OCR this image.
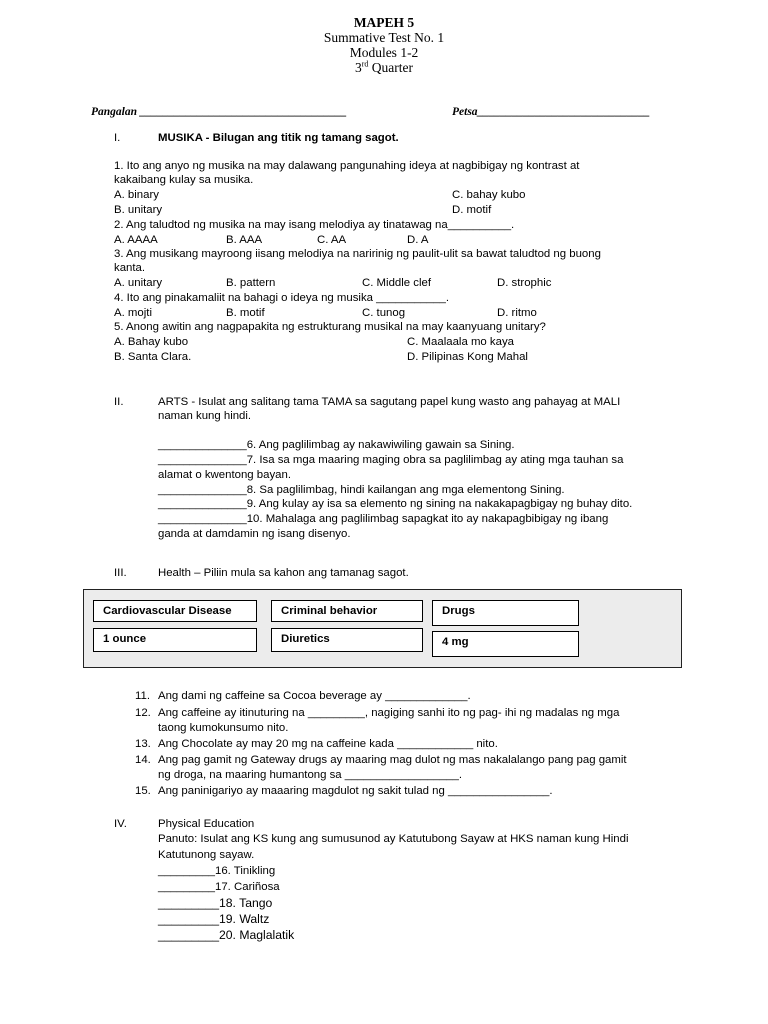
MAPEH 5
Summative Test No. 1
Modules 1-2
3rd Quarter
Pangalan ____________________________________	Petsa______________________________
I.	MUSIKA - Bilugan ang titik ng tamang sagot.
1. Ito ang anyo ng musika na may dalawang pangunahing ideya at nagbibigay ng kontrast at
kakaibang kulay sa musika.
A. binary	C. bahay kubo
B. unitary	D. motif
2. Ang taludtod ng musika na may isang melodiya ay tinatawag na__________.
A. AAAA	B. AAA	C. AA	D. A
3. Ang musikang mayroong iisang melodiya na naririnig ng paulit-ulit sa bawat taludtod ng buong
kanta.
A. unitary	B. pattern	C. Middle clef	D. strophic
4. Ito ang pinakamaliit na bahagi o ideya ng musika ___________.
A. mojti	B. motif	C. tunog	D. ritmo
5. Anong awitin ang nagpapakita ng estrukturang musikal na may kaanyuang unitary?
A. Bahay kubo	C. Maalaala mo kaya
B. Santa Clara.	D. Pilipinas Kong Mahal
II.	ARTS - Isulat ang salitang tama TAMA sa sagutang papel kung wasto ang pahayag at MALI
naman kung hindi.
______________6. Ang paglilimbag ay nakawiwiling gawain sa Sining.
______________7. Isa sa mga maaring maging obra sa paglilimbag ay ating mga tauhan sa
alamat o kwentong bayan.
______________8. Sa paglilimbag, hindi kailangan ang mga elementong Sining.
______________9. Ang kulay ay isa sa elemento ng sining na nakakapagbigay ng buhay dito.
______________10. Mahalaga ang paglilimbag sapagkat ito ay nakapagbibigay ng ibang
ganda at damdamin ng isang disenyo.
III.	Health – Piliin mula sa kahon ang tamanag sagot.
Cardiovascular Disease	Criminal behavior	Drugs
1 ounce	Diuretics	4 mg
11. Ang dami ng caffeine sa Cocoa beverage ay _____________.
12. Ang caffeine ay itinuturing na _________, nagiging sanhi ito ng pag- ihi ng madalas ng mga
taong kumokunsumo nito.
13. Ang Chocolate ay may 20 mg na caffeine kada ____________ nito.
14. Ang pag gamit ng Gateway drugs ay maaring mag dulot ng mas nakalalango pang pag gamit
ng droga, na maaring humantong sa __________________.
15. Ang paninigariyo ay maaaring magdulot ng sakit tulad ng ________________.
IV.	Physical Education
Panuto: Isulat ang KS kung ang sumusunod ay Katutubong Sayaw at HKS naman kung Hindi
Katutunong sayaw.
_________16. Tinikling
_________17. Cariñosa
_________18. Tango
_________19. Waltz
_________20. Maglalatik
